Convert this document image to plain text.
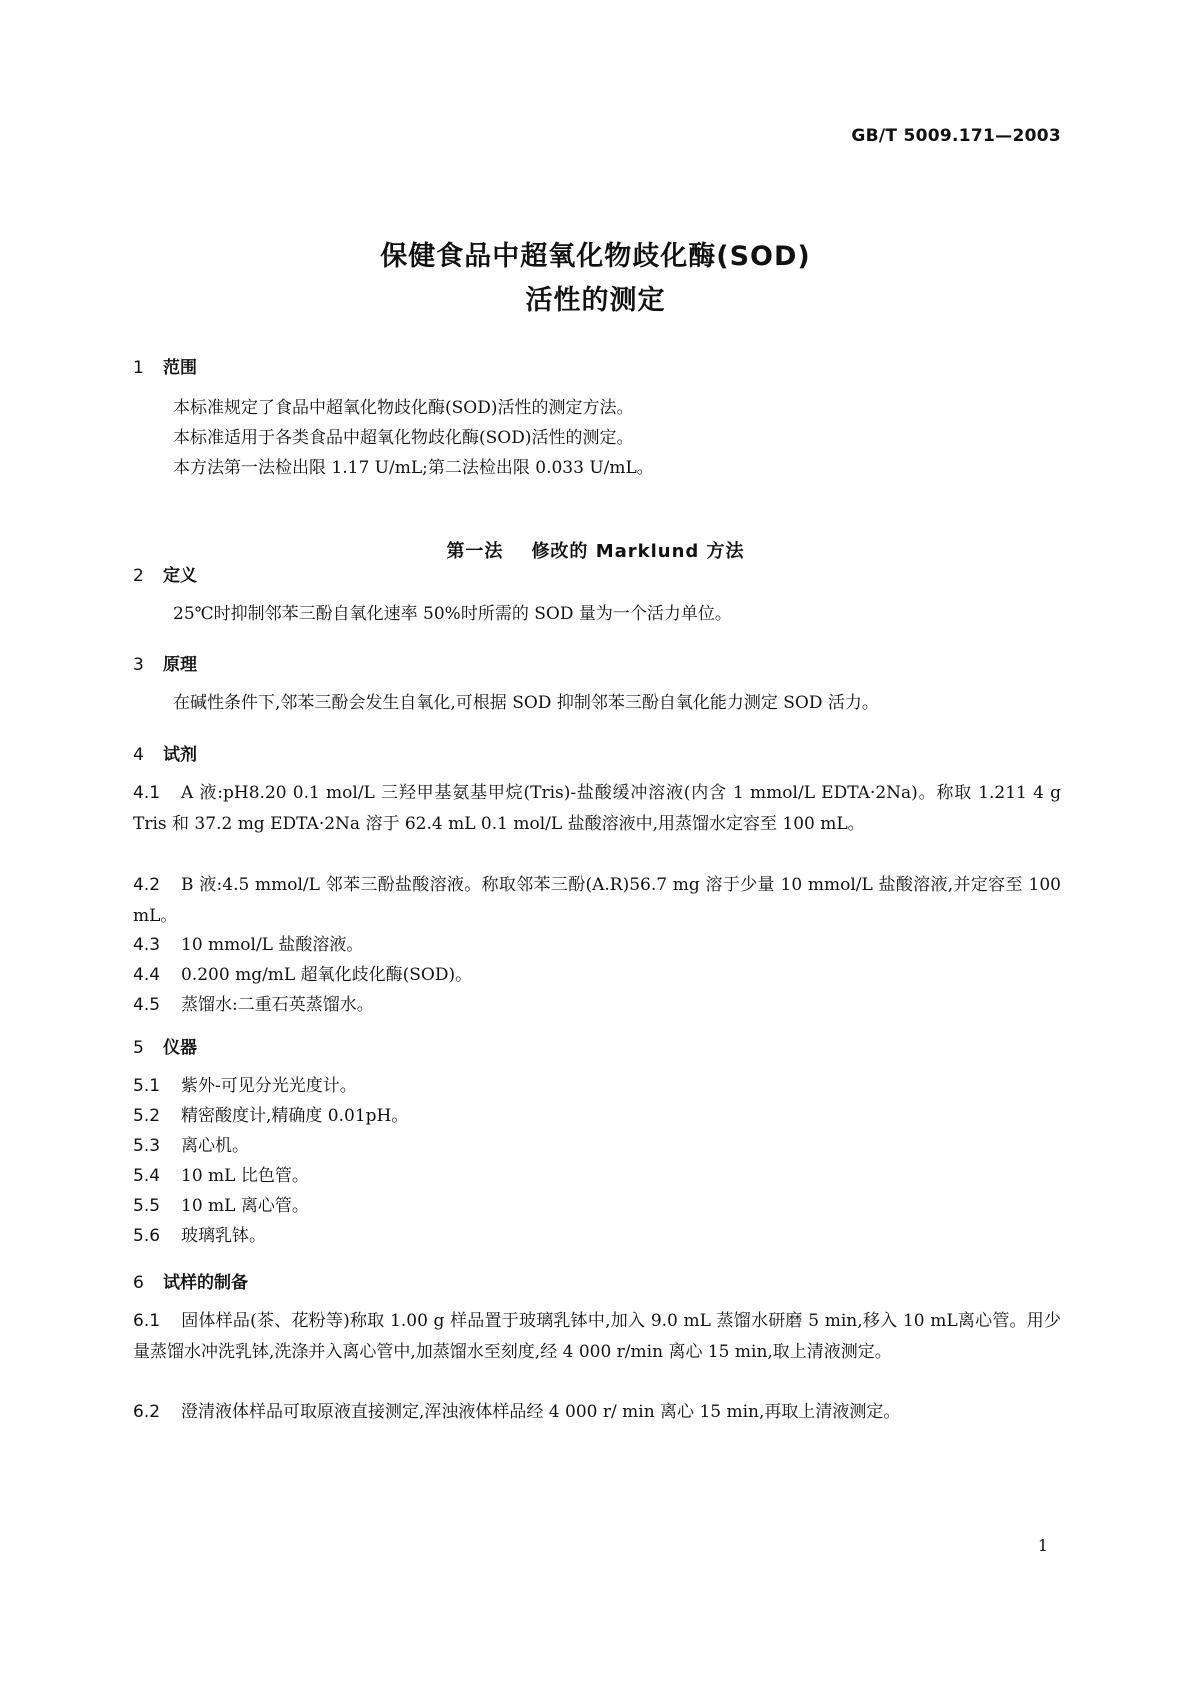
GB/T 5009.171—2003
保健食品中超氧化物歧化酶(SOD)
活性的测定
1 范围
本标准规定了食品中超氧化物歧化酶(SOD)活性的测定方法。
本标准适用于各类食品中超氧化物歧化酶(SOD)活性的测定。
本方法第一法检出限 1.17 U/mL;第二法检出限 0.033 U/mL。
第一法 修改的 Marklund 方法
2 定义
25℃时抑制邻苯三酚自氧化速率 50%时所需的 SOD 量为一个活力单位。
3 原理
在碱性条件下,邻苯三酚会发生自氧化,可根据 SOD 抑制邻苯三酚自氧化能力测定 SOD 活力。
4 试剂
4.1 A 液:pH8.20 0.1 mol/L 三羟甲基氨基甲烷(Tris)-盐酸缓冲溶液(内含 1 mmol/L EDTA·2Na)。称取 1.211 4 g Tris 和 37.2 mg EDTA·2Na 溶于 62.4 mL 0.1 mol/L 盐酸溶液中,用蒸馏水定容至 100 mL。
4.2 B 液:4.5 mmol/L 邻苯三酚盐酸溶液。称取邻苯三酚(A.R)56.7 mg 溶于少量 10 mmol/L 盐酸溶液,并定容至 100 mL。
4.3 10 mmol/L 盐酸溶液。
4.4 0.200 mg/mL 超氧化歧化酶(SOD)。
4.5 蒸馏水:二重石英蒸馏水。
5 仪器
5.1 紫外-可见分光光度计。
5.2 精密酸度计,精确度 0.01pH。
5.3 离心机。
5.4 10 mL 比色管。
5.5 10 mL 离心管。
5.6 玻璃乳钵。
6 试样的制备
6.1 固体样品(茶、花粉等)称取 1.00 g 样品置于玻璃乳钵中,加入 9.0 mL 蒸馏水研磨 5 min,移入 10 mL离心管。用少量蒸馏水冲洗乳钵,洗涤并入离心管中,加蒸馏水至刻度,经 4 000 r/min 离心 15 min,取上清液测定。
6.2 澄清液体样品可取原液直接测定,浑浊液体样品经 4 000 r/ min 离心 15 min,再取上清液测定。
1
